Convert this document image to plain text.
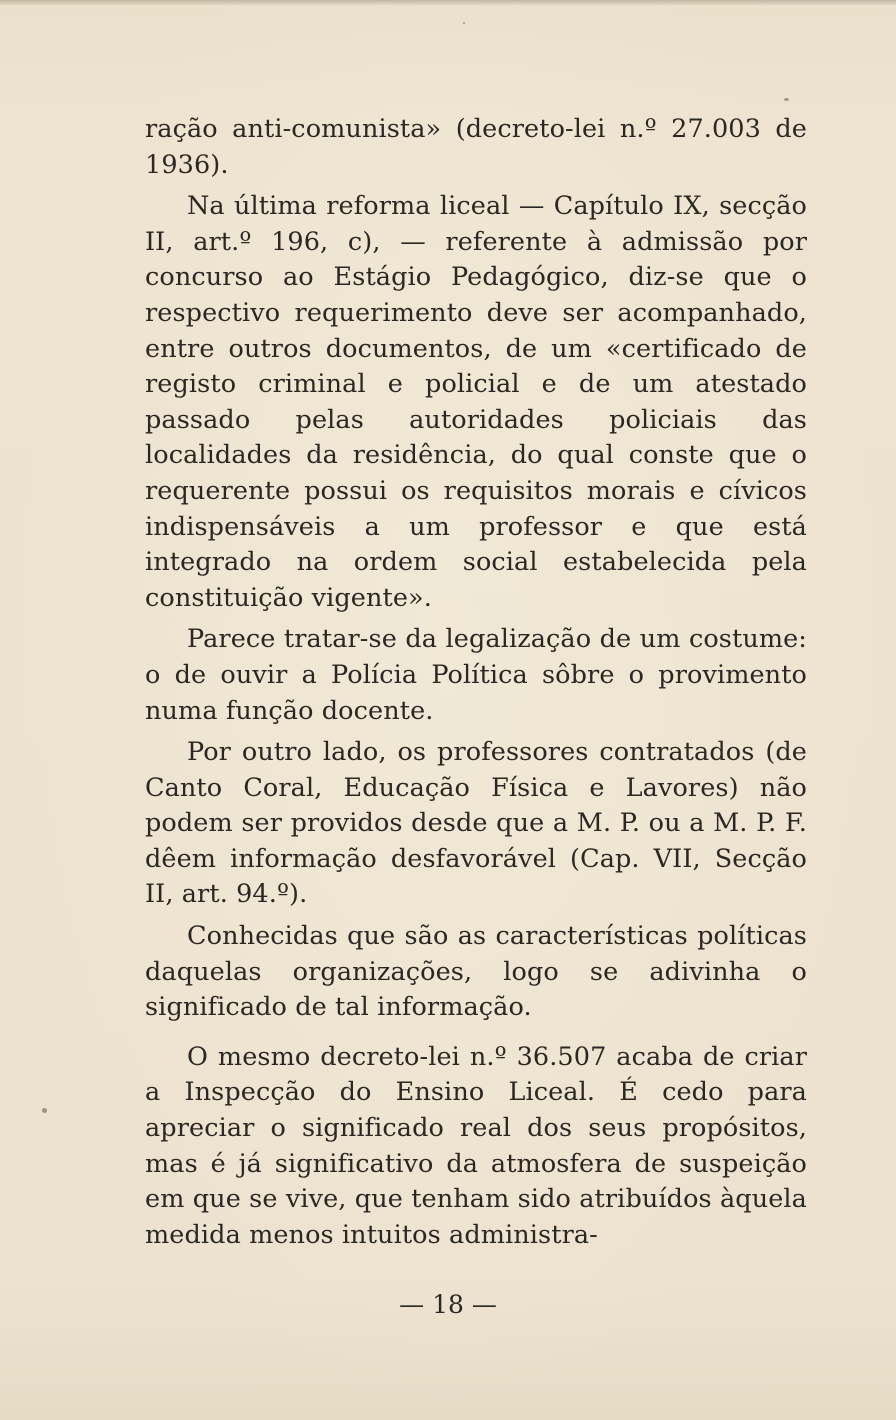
ração anti-comunista» (decreto-lei n.º 27.003 de 1936).

Na última reforma liceal — Capítulo IX, secção II, art.º 196, c), — referente à admissão por concurso ao Estágio Pedagógico, diz-se que o respectivo requerimento deve ser acompanhado, entre outros documentos, de um «certificado de registo criminal e policial e de um atestado passado pelas autoridades policiais das localidades da residência, do qual conste que o requerente possui os requisitos morais e cívicos indispensáveis a um professor e que está integrado na ordem social estabelecida pela constituição vigente».

Parece tratar-se da legalização de um costume: o de ouvir a Polícia Política sôbre o provimento numa função docente.

Por outro lado, os professores contratados (de Canto Coral, Educação Física e Lavores) não podem ser providos desde que a M. P. ou a M. P. F. dêem informação desfavorável (Cap. VII, Secção II, art. 94.º).

Conhecidas que são as características políticas daquelas organizações, logo se adivinha o significado de tal informação.

O mesmo decreto-lei n.º 36.507 acaba de criar a Inspecção do Ensino Liceal. É cedo para apreciar o significado real dos seus propósitos, mas é já significativo da atmosfera de suspeição em que se vive, que tenham sido atribuídos àquela medida menos intuitos administra-

— 18 —
